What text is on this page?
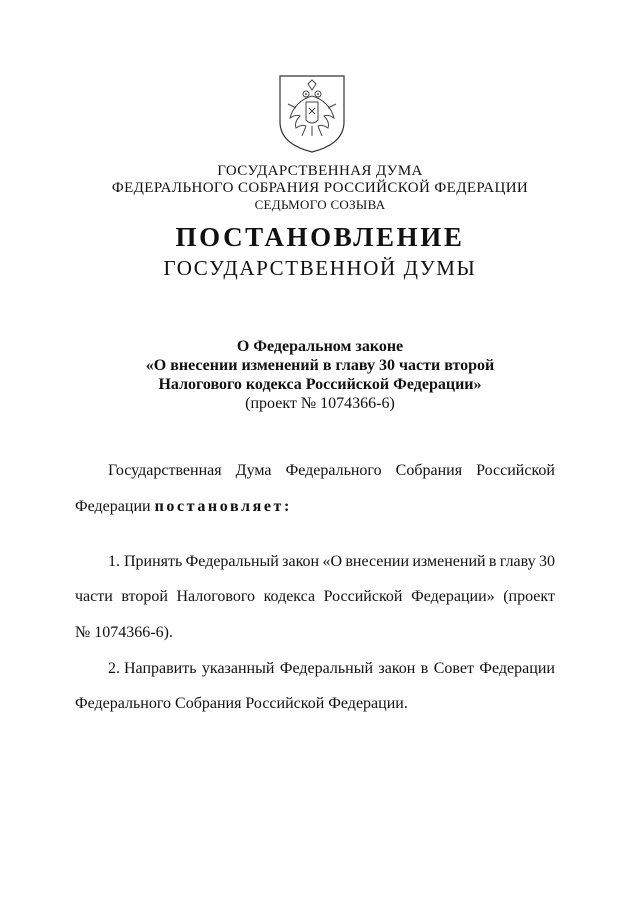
ГОСУДАРСТВЕННАЯ ДУМА
ФЕДЕРАЛЬНОГО СОБРАНИЯ РОССИЙСКОЙ ФЕДЕРАЦИИ
СЕДЬМОГО СОЗЫВА
ПОСТАНОВЛЕНИЕ
ГОСУДАРСТВЕННОЙ ДУМЫ
О Федеральном законе
«О внесении изменений в главу 30 части второй
Налогового кодекса Российской Федерации»
(проект № 1074366-6)
Государственная Дума Федерального Собрания Российской
Федерации постановляет:
1. Принять Федеральный закон «О внесении изменений в главу 30
части второй Налогового кодекса Российской Федерации» (проект
№ 1074366-6).
2. Направить указанный Федеральный закон в Совет Федерации
Федерального Собрания Российской Федерации.
